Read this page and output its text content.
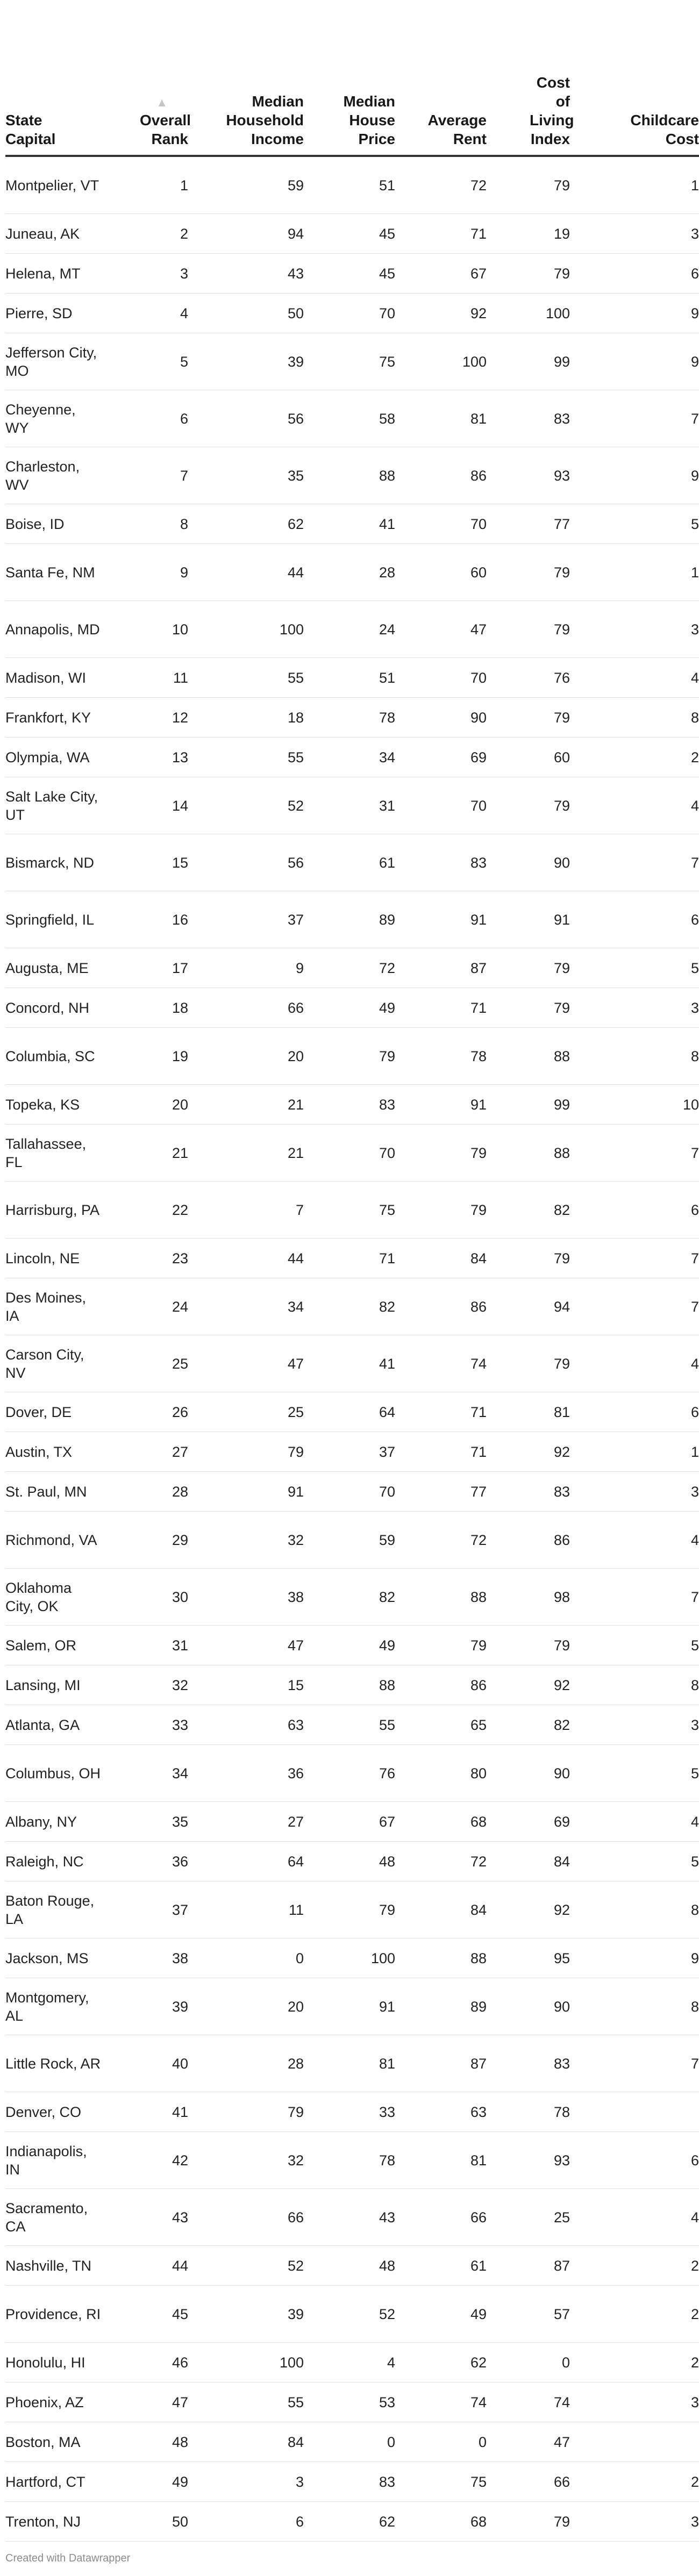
State Capital	▲
Overall Rank	Median Household Income	Median House Price	Average Rent	Cost of Living Index	Childcare Cost
Montpelier, VT	1	59	51	72	79	1
Juneau, AK	2	94	45	71	19	3
Helena, MT	3	43	45	67	79	6
Pierre, SD	4	50	70	92	100	9
Jefferson City, MO	5	39	75	100	99	9
Cheyenne, WY	6	56	58	81	83	7
Charleston, WV	7	35	88	86	93	9
Boise, ID	8	62	41	70	77	5
Santa Fe, NM	9	44	28	60	79	1
Annapolis, MD	10	100	24	47	79	3
Madison, WI	11	55	51	70	76	4
Frankfort, KY	12	18	78	90	79	8
Olympia, WA	13	55	34	69	60	2
Salt Lake City, UT	14	52	31	70	79	4
Bismarck, ND	15	56	61	83	90	7
Springfield, IL	16	37	89	91	91	6
Augusta, ME	17	9	72	87	79	5
Concord, NH	18	66	49	71	79	3
Columbia, SC	19	20	79	78	88	8
Topeka, KS	20	21	83	91	99	10
Tallahassee, FL	21	21	70	79	88	7
Harrisburg, PA	22	7	75	79	82	6
Lincoln, NE	23	44	71	84	79	7
Des Moines, IA	24	34	82	86	94	7
Carson City, NV	25	47	41	74	79	4
Dover, DE	26	25	64	71	81	6
Austin, TX	27	79	37	71	92	1
St. Paul, MN	28	91	70	77	83	3
Richmond, VA	29	32	59	72	86	4
Oklahoma City, OK	30	38	82	88	98	7
Salem, OR	31	47	49	79	79	5
Lansing, MI	32	15	88	86	92	8
Atlanta, GA	33	63	55	65	82	3
Columbus, OH	34	36	76	80	90	5
Albany, NY	35	27	67	68	69	4
Raleigh, NC	36	64	48	72	84	5
Baton Rouge, LA	37	11	79	84	92	8
Jackson, MS	38	0	100	88	95	9
Montgomery, AL	39	20	91	89	90	8
Little Rock, AR	40	28	81	87	83	7
Denver, CO	41	79	33	63	78	
Indianapolis, IN	42	32	78	81	93	6
Sacramento, CA	43	66	43	66	25	4
Nashville, TN	44	52	48	61	87	2
Providence, RI	45	39	52	49	57	2
Honolulu, HI	46	100	4	62	0	2
Phoenix, AZ	47	55	53	74	74	3
Boston, MA	48	84	0	0	47	
Hartford, CT	49	3	83	75	66	2
Trenton, NJ	50	6	62	68	79	3
Created with Datawrapper
